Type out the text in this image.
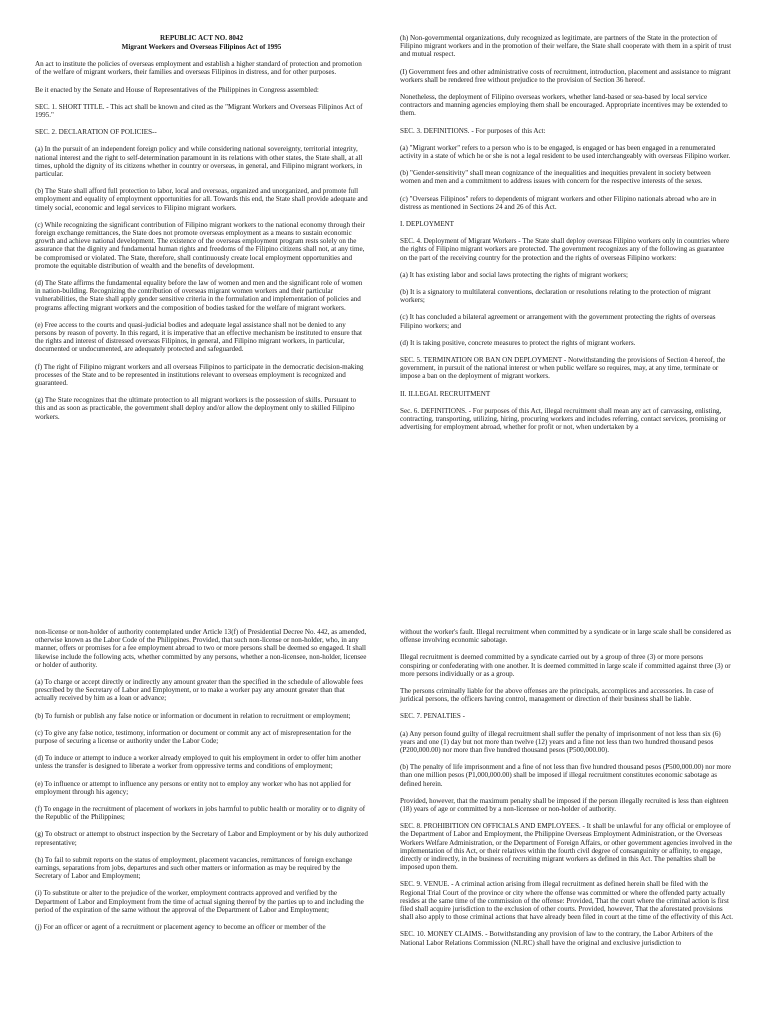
REPUBLIC ACT NO. 8042
Migrant Workers and Overseas Filipinos Act of 1995

An act to institute the policies of overseas employment and establish a higher standard of protection and promotion of the welfare of migrant workers, their families and overseas Filipinos in distress, and for other purposes.

Be it enacted by the Senate and House of Representatives of the Philippines in Congress assembled:

SEC. 1. SHORT TITLE. - This act shall be known and cited as the "Migrant Workers and Overseas Filipinos Act of 1995."

SEC. 2. DECLARATION OF POLICIES--

(a) In the pursuit of an independent foreign policy and while considering national sovereignty, territorial integrity, national interest and the right to self-determination paramount in its relations with other states, the State shall, at all times, uphold the dignity of its citizens whether in country or overseas, in general, and Filipino migrant workers, in particular.

(b) The State shall afford full protection to labor, local and overseas, organized and unorganized, and promote full employment and equality of employment opportunities for all. Towards this end, the State shall provide adequate and timely social, economic and legal services to Filipino migrant workers.

(c) While recognizing the significant contribution of Filipino migrant workers to the national economy through their foreign exchange remittances, the State does not promote overseas employment as a means to sustain economic growth and achieve national development. The existence of the overseas employment program rests solely on the assurance that the dignity and fundamental human rights and freedoms of the Filipino citizens shall not, at any time, be compromised or violated. The State, therefore, shall continuously create local employment opportunities and promote the equitable distribution of wealth and the benefits of development.

(d) The State affirms the fundamental equality before the law of women and men and the significant role of women in nation-building. Recognizing the contribution of overseas migrant women workers and their particular vulnerabilities, the State shall apply gender sensitive criteria in the formulation and implementation of policies and programs affecting migrant workers and the composition of bodies tasked for the welfare of migrant workers.

(e) Free access to the courts and quasi-judicial bodies and adequate legal assistance shall not be denied to any persons by reason of poverty. In this regard, it is imperative that an effective mechanism be instituted to ensure that the rights and interest of distressed overseas Filipinos, in general, and Filipino migrant workers, in particular, documented or undocumented, are adequately protected and safeguarded.

(f) The right of Filipino migrant workers and all overseas Filipinos to participate in the democratic decision-making processes of the State and to be represented in institutions relevant to overseas employment is recognized and guaranteed.

(g) The State recognizes that the ultimate protection to all migrant workers is the possession of skills. Pursuant to this and as soon as practicable, the government shall deploy and/or allow the deployment only to skilled Filipino workers.

(h) Non-governmental organizations, duly recognized as legitimate, are partners of the State in the protection of Filipino migrant workers and in the promotion of their welfare, the State shall cooperate with them in a spirit of trust and mutual respect.

(I) Government fees and other administrative costs of recruitment, introduction, placement and assistance to migrant workers shall be rendered free without prejudice to the provision of Section 36 hereof.

Nonetheless, the deployment of Filipino overseas workers, whether land-based or sea-based by local service contractors and manning agencies employing them shall be encouraged. Appropriate incentives may be extended to them.

SEC. 3. DEFINITIONS. - For purposes of this Act:

(a) "Migrant worker" refers to a person who is to be engaged, is engaged or has been engaged in a renumerated activity in a state of which he or she is not a legal resident to be used interchangeably with overseas Filipino worker.

(b) "Gender-sensitivity" shall mean cognizance of the inequalities and inequities prevalent in society between women and men and a commitment to address issues with concern for the respective interests of the sexes.

(c) "Overseas Filipinos" refers to dependents of migrant workers and other Filipino nationals abroad who are in distress as mentioned in Sections 24 and 26 of this Act.

I. DEPLOYMENT

SEC. 4. Deployment of Migrant Workers - The State shall deploy overseas Filipino workers only in countries where the rights of Filipino migrant workers are protected. The government recognizes any of the following as guarantee on the part of the receiving country for the protection and the rights of overseas Filipino workers:

(a) It has existing labor and social laws protecting the rights of migrant workers;

(b) It is a signatory to multilateral conventions, declaration or resolutions relating to the protection of migrant workers;

(c) It has concluded a bilateral agreement or arrangement with the government protecting the rights of overseas Filipino workers; and

(d) It is taking positive, concrete measures to protect the rights of migrant workers.

SEC. 5. TERMINATION OR BAN ON DEPLOYMENT - Notwithstanding the provisions of Section 4 hereof, the government, in pursuit of the national interest or when public welfare so requires, may, at any time, terminate or impose a ban on the deployment of migrant workers.

II. ILLEGAL RECRUITMENT

Sec. 6. DEFINITIONS. - For purposes of this Act, illegal recruitment shall mean any act of canvassing, enlisting, contracting, transporting, utilizing, hiring, procuring workers and includes referring, contact services, promising or advertising for employment abroad, whether for profit or not, when undertaken by a

non-license or non-holder of authority contemplated under Article 13(f) of Presidential Decree No. 442, as amended, otherwise known as the Labor Code of the Philippines. Provided, that such non-license or non-holder, who, in any manner, offers or promises for a fee employment abroad to two or more persons shall be deemed so engaged. It shall likewise include the following acts, whether committed by any persons, whether a non-licensee, non-holder, licensee or holder of authority.

(a) To charge or accept directly or indirectly any amount greater than the specified in the schedule of allowable fees prescribed by the Secretary of Labor and Employment, or to make a worker pay any amount greater than that actually received by him as a loan or advance;

(b) To furnish or publish any false notice or information or document in relation to recruitment or employment;

(c) To give any false notice, testimony, information or document or commit any act of misrepresentation for the purpose of securing a license or authority under the Labor Code;

(d) To induce or attempt to induce a worker already employed to quit his employment in order to offer him another unless the transfer is designed to liberate a worker from oppressive terms and conditions of employment;

(e) To influence or attempt to influence any persons or entity not to employ any worker who has not applied for employment through his agency;

(f) To engage in the recruitment of placement of workers in jobs harmful to public health or morality or to dignity of the Republic of the Philippines;

(g) To obstruct or attempt to obstruct inspection by the Secretary of Labor and Employment or by his duly authorized representative;

(h) To fail to submit reports on the status of employment, placement vacancies, remittances of foreign exchange earnings, separations from jobs, departures and such other matters or information as may be required by the Secretary of Labor and Employment;

(i) To substitute or alter to the prejudice of the worker, employment contracts approved and verified by the Department of Labor and Employment from the time of actual signing thereof by the parties up to and including the period of the expiration of the same without the approval of the Department of Labor and Employment;

(j) For an officer or agent of a recruitment or placement agency to become an officer or member of the

without the worker's fault. Illegal recruitment when committed by a syndicate or in large scale shall be considered as offense involving economic sabotage.

Illegal recruitment is deemed committed by a syndicate carried out by a group of three (3) or more persons conspiring or confederating with one another. It is deemed committed in large scale if committed against three (3) or more persons individually or as a group.

The persons criminally liable for the above offenses are the principals, accomplices and accessories. In case of juridical persons, the officers having control, management or direction of their business shall be liable.

SEC. 7. PENALTIES -

(a) Any person found guilty of illegal recruitment shall suffer the penalty of imprisonment of not less than six (6) years and one (1) day but not more than twelve (12) years and a fine not less than two hundred thousand pesos (P200,000.00) nor more than five hundred thousand pesos (P500,000.00).

(b) The penalty of life imprisonment and a fine of not less than five hundred thousand pesos (P500,000.00) nor more than one million pesos (P1,000,000.00) shall be imposed if illegal recruitment constitutes economic sabotage as defined herein.

Provided, however, that the maximum penalty shall be imposed if the person illegally recruited is less than eighteen (18) years of age or committed by a non-licensee or non-holder of authority.

SEC. 8. PROHIBITION ON OFFICIALS AND EMPLOYEES. - It shall be unlawful for any official or employee of the Department of Labor and Employment, the Philippine Overseas Employment Administration, or the Overseas Workers Welfare Administration, or the Department of Foreign Affairs, or other government agencies involved in the implementation of this Act, or their relatives within the fourth civil degree of consanguinity or affinity, to engage, directly or indirectly, in the business of recruiting migrant workers as defined in this Act. The penalties shall be imposed upon them.

SEC. 9. VENUE. - A criminal action arising from illegal recruitment as defined herein shall be filed with the Regional Trial Court of the province or city where the offense was committed or where the offended party actually resides at the same time of the commission of the offense: Provided, That the court where the criminal action is first filed shall acquire jurisdiction to the exclusion of other courts. Provided, however, That the aforestated provisions shall also apply to those criminal actions that have already been filed in court at the time of the effectivity of this Act.

SEC. 10. MONEY CLAIMS. - Botwithstanding any provision of law to the contrary, the Labor Arbiters of the National Labor Relations Commission (NLRC) shall have the original and exclusive jurisdiction to
